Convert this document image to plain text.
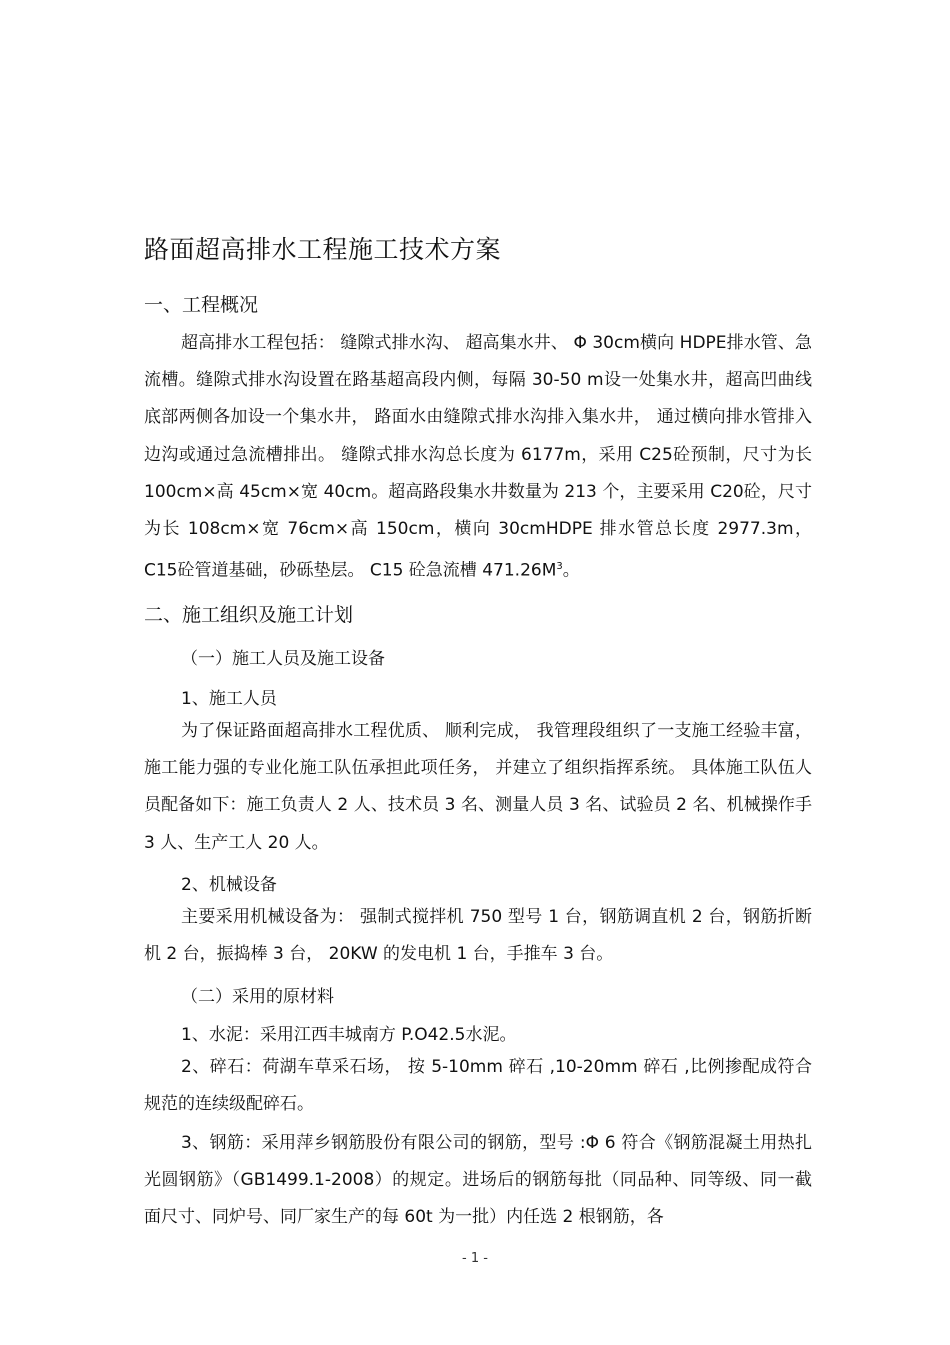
路面超高排水工程施工技术方案
一、工程概况
超高排水工程包括： 缝隙式排水沟、 超高集水井、 Φ 30cm横向 HDPE排水管、急流槽。缝隙式排水沟设置在路基超高段内侧，每隔 30-50 m设一处集水井，超高凹曲线底部两侧各加设一个集水井， 路面水由缝隙式排水沟排入集水井， 通过横向排水管排入边沟或通过急流槽排出。 缝隙式排水沟总长度为 6177m，采用 C25砼预制，尺寸为长 100cm×高 45cm×宽 40cm。超高路段集水井数量为 213 个，主要采用 C20砼，尺寸为长 108cm×宽 76cm×高 150cm，横向 30cmHDPE 排水管总长度 2977.3m， C15砼管道基础，砂砾垫层。 C15 砼急流槽 $471.26M^3$。
二、施工组织及施工计划
（一）施工人员及施工设备
1、施工人员
为了保证路面超高排水工程优质、 顺利完成， 我管理段组织了一支施工经验丰富，施工能力强的专业化施工队伍承担此项任务， 并建立了组织指挥系统。 具体施工队伍人员配备如下：施工负责人 2 人、技术员 3 名、测量人员 3 名、试验员 2 名、机械操作手 3 人、生产工人 20 人。
2、机械设备
主要采用机械设备为： 强制式搅拌机 750 型号 1 台，钢筋调直机 2 台，钢筋折断机 2 台，振捣棒 3 台， 20KW 的发电机 1 台，手推车 3 台。
（二）采用的原材料
1、水泥：采用江西丰城南方 P.O42.5水泥。
2、碎石：荷湖车草采石场， 按 5-10mm 碎石 ,10-20mm 碎石 ,比例掺配成符合规范的连续级配碎石。
3、钢筋：采用萍乡钢筋股份有限公司的钢筋，型号 :Φ 6 符合《钢筋混凝土用热扎光圆钢筋》（GB1499.1-2008）的规定。进场后的钢筋每批（同品种、同等级、同一截面尺寸、同炉号、同厂家生产的每 60t 为一批）内任选 2 根钢筋，各
- 1 -
